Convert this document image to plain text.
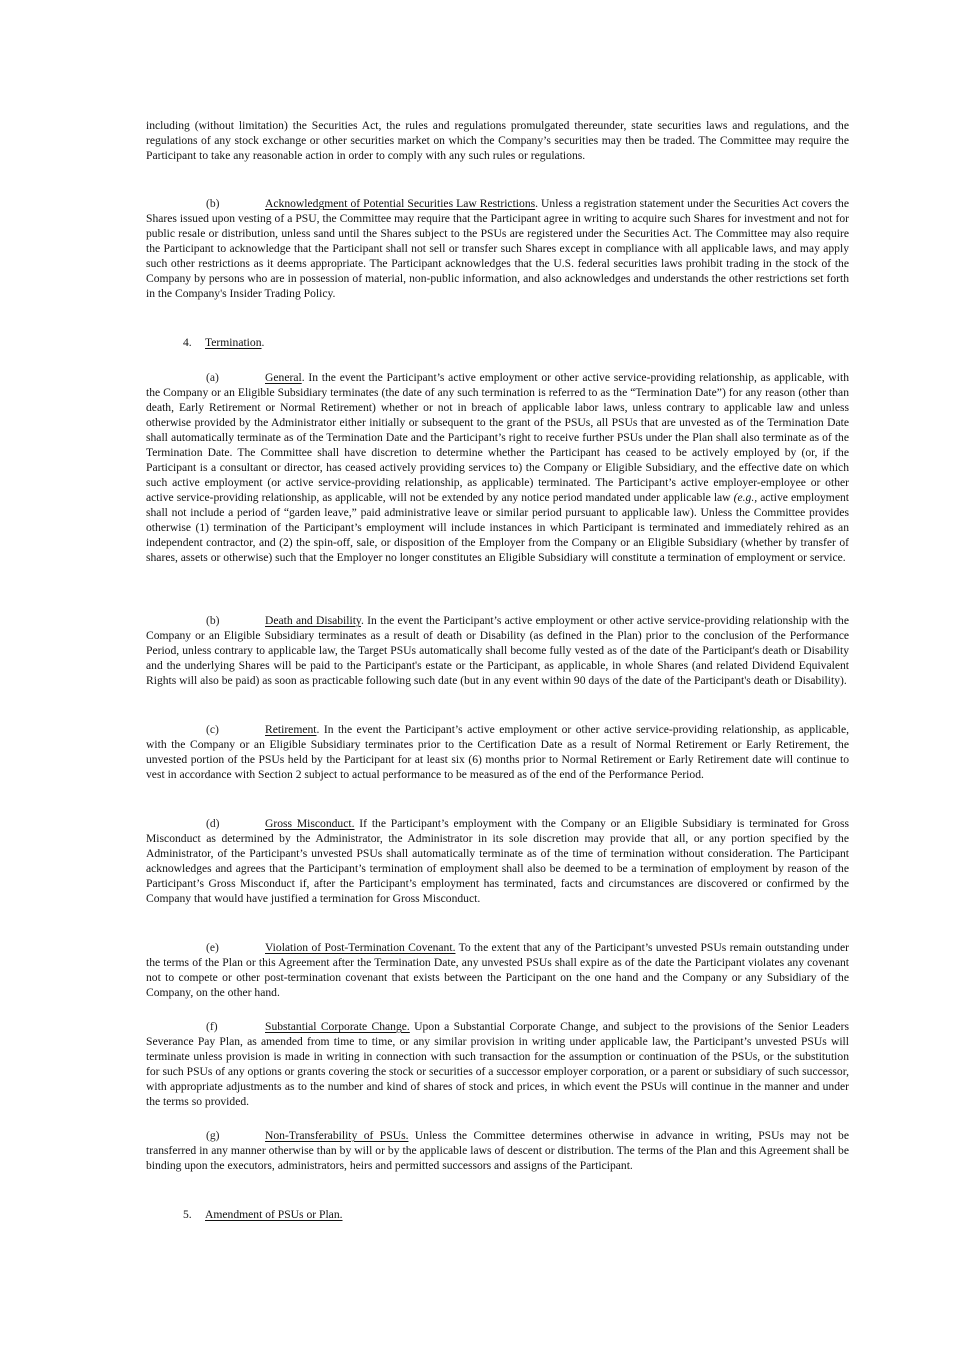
including (without limitation) the Securities Act, the rules and regulations promulgated thereunder, state securities laws and regulations, and the regulations of any stock exchange or other securities market on which the Company’s securities may then be traded. The Committee may require the Participant to take any reasonable action in order to comply with any such rules or regulations.

(b)	Acknowledgment of Potential Securities Law Restrictions. Unless a registration statement under the Securities Act covers the Shares issued upon vesting of a PSU, the Committee may require that the Participant agree in writing to acquire such Shares for investment and not for public resale or distribution, unless sand until the Shares subject to the PSUs are registered under the Securities Act. The Committee may also require the Participant to acknowledge that the Participant shall not sell or transfer such Shares except in compliance with all applicable laws, and may apply such other restrictions as it deems appropriate. The Participant acknowledges that the U.S. federal securities laws prohibit trading in the stock of the Company by persons who are in possession of material, non-public information, and also acknowledges and understands the other restrictions set forth in the Company's Insider Trading Policy.

4. Termination.

(a)	General. In the event the Participant’s active employment or other active service-providing relationship, as applicable, with the Company or an Eligible Subsidiary terminates (the date of any such termination is referred to as the “Termination Date”) for any reason (other than death, Early Retirement or Normal Retirement) whether or not in breach of applicable labor laws, unless contrary to applicable law and unless otherwise provided by the Administrator either initially or subsequent to the grant of the PSUs, all PSUs that are unvested as of the Termination Date shall automatically terminate as of the Termination Date and the Participant’s right to receive further PSUs under the Plan shall also terminate as of the Termination Date. The Committee shall have discretion to determine whether the Participant has ceased to be actively employed by (or, if the Participant is a consultant or director, has ceased actively providing services to) the Company or Eligible Subsidiary, and the effective date on which such active employment (or active service-providing relationship, as applicable) terminated. The Participant’s active employer-employee or other active service-providing relationship, as applicable, will not be extended by any notice period mandated under applicable law (e.g., active employment shall not include a period of “garden leave,” paid administrative leave or similar period pursuant to applicable law). Unless the Committee provides otherwise (1) termination of the Participant’s employment will include instances in which Participant is terminated and immediately rehired as an independent contractor, and (2) the spin-off, sale, or disposition of the Employer from the Company or an Eligible Subsidiary (whether by transfer of shares, assets or otherwise) such that the Employer no longer constitutes an Eligible Subsidiary will constitute a termination of employment or service.

(b)	Death and Disability. In the event the Participant’s active employment or other active service-providing relationship with the Company or an Eligible Subsidiary terminates as a result of death or Disability (as defined in the Plan) prior to the conclusion of the Performance Period, unless contrary to applicable law, the Target PSUs automatically shall become fully vested as of the date of the Participant's death or Disability and the underlying Shares will be paid to the Participant's estate or the Participant, as applicable, in whole Shares (and related Dividend Equivalent Rights will also be paid) as soon as practicable following such date (but in any event within 90 days of the date of the Participant's death or Disability).

(c)	Retirement. In the event the Participant’s active employment or other active service-providing relationship, as applicable, with the Company or an Eligible Subsidiary terminates prior to the Certification Date as a result of Normal Retirement or Early Retirement, the unvested portion of the PSUs held by the Participant for at least six (6) months prior to Normal Retirement or Early Retirement date will continue to vest in accordance with Section 2 subject to actual performance to be measured as of the end of the Performance Period.

(d)	Gross Misconduct. If the Participant’s employment with the Company or an Eligible Subsidiary is terminated for Gross Misconduct as determined by the Administrator, the Administrator in its sole discretion may provide that all, or any portion specified by the Administrator, of the Participant’s unvested PSUs shall automatically terminate as of the time of termination without consideration. The Participant acknowledges and agrees that the Participant’s termination of employment shall also be deemed to be a termination of employment by reason of the Participant’s Gross Misconduct if, after the Participant’s employment has terminated, facts and circumstances are discovered or confirmed by the Company that would have justified a termination for Gross Misconduct.

(e)	Violation of Post-Termination Covenant. To the extent that any of the Participant’s unvested PSUs remain outstanding under the terms of the Plan or this Agreement after the Termination Date, any unvested PSUs shall expire as of the date the Participant violates any covenant not to compete or other post-termination covenant that exists between the Participant on the one hand and the Company or any Subsidiary of the Company, on the other hand.

(f)	Substantial Corporate Change. Upon a Substantial Corporate Change, and subject to the provisions of the Senior Leaders Severance Pay Plan, as amended from time to time, or any similar provision in writing under applicable law, the Participant’s unvested PSUs will terminate unless provision is made in writing in connection with such transaction for the assumption or continuation of the PSUs, or the substitution for such PSUs of any options or grants covering the stock or securities of a successor employer corporation, or a parent or subsidiary of such successor, with appropriate adjustments as to the number and kind of shares of stock and prices, in which event the PSUs will continue in the manner and under the terms so provided.

(g)	Non-Transferability of PSUs. Unless the Committee determines otherwise in advance in writing, PSUs may not be transferred in any manner otherwise than by will or by the applicable laws of descent or distribution. The terms of the Plan and this Agreement shall be binding upon the executors, administrators, heirs and permitted successors and assigns of the Participant.

5. Amendment of PSUs or Plan.
